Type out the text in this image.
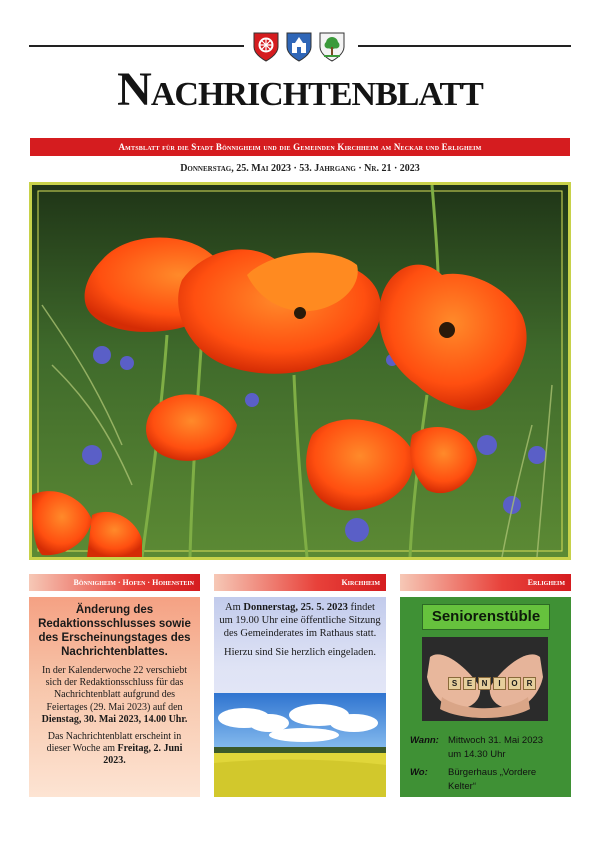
Nachrichtenblatt
Amtsblatt für die Stadt Bönnigheim und die Gemeinden Kirchheim am Neckar und Erligheim
Donnerstag, 25. Mai 2023 · 53. Jahrgang · Nr. 21 · 2023
Bönnigheim · Hofen · Hohenstein
Änderung des Redaktionsschlusses sowie des Erscheinungstages des Nachrichtenblattes.

In der Kalenderwoche 22 verschiebt sich der Redaktionsschluss für das Nachrichtenblatt aufgrund des Feiertages (29. Mai 2023) auf den Dienstag, 30. Mai 2023, 14.00 Uhr.

Das Nachrichtenblatt erscheint in dieser Woche am Freitag, 2. Juni 2023.

Kirchheim

Am Donnerstag, 25. 5. 2023 findet um 19.00 Uhr eine öffentliche Sitzung des Gemeinderates im Rathaus statt.

Hierzu sind Sie herzlich eingeladen.

Erligheim
Seniorenstüble
S	E	N	I	O	R
Wann: Mittwoch 31. Mai 2023
um 14.30 Uhr
Wo: Bürgerhaus „Vordere
Kelter“
